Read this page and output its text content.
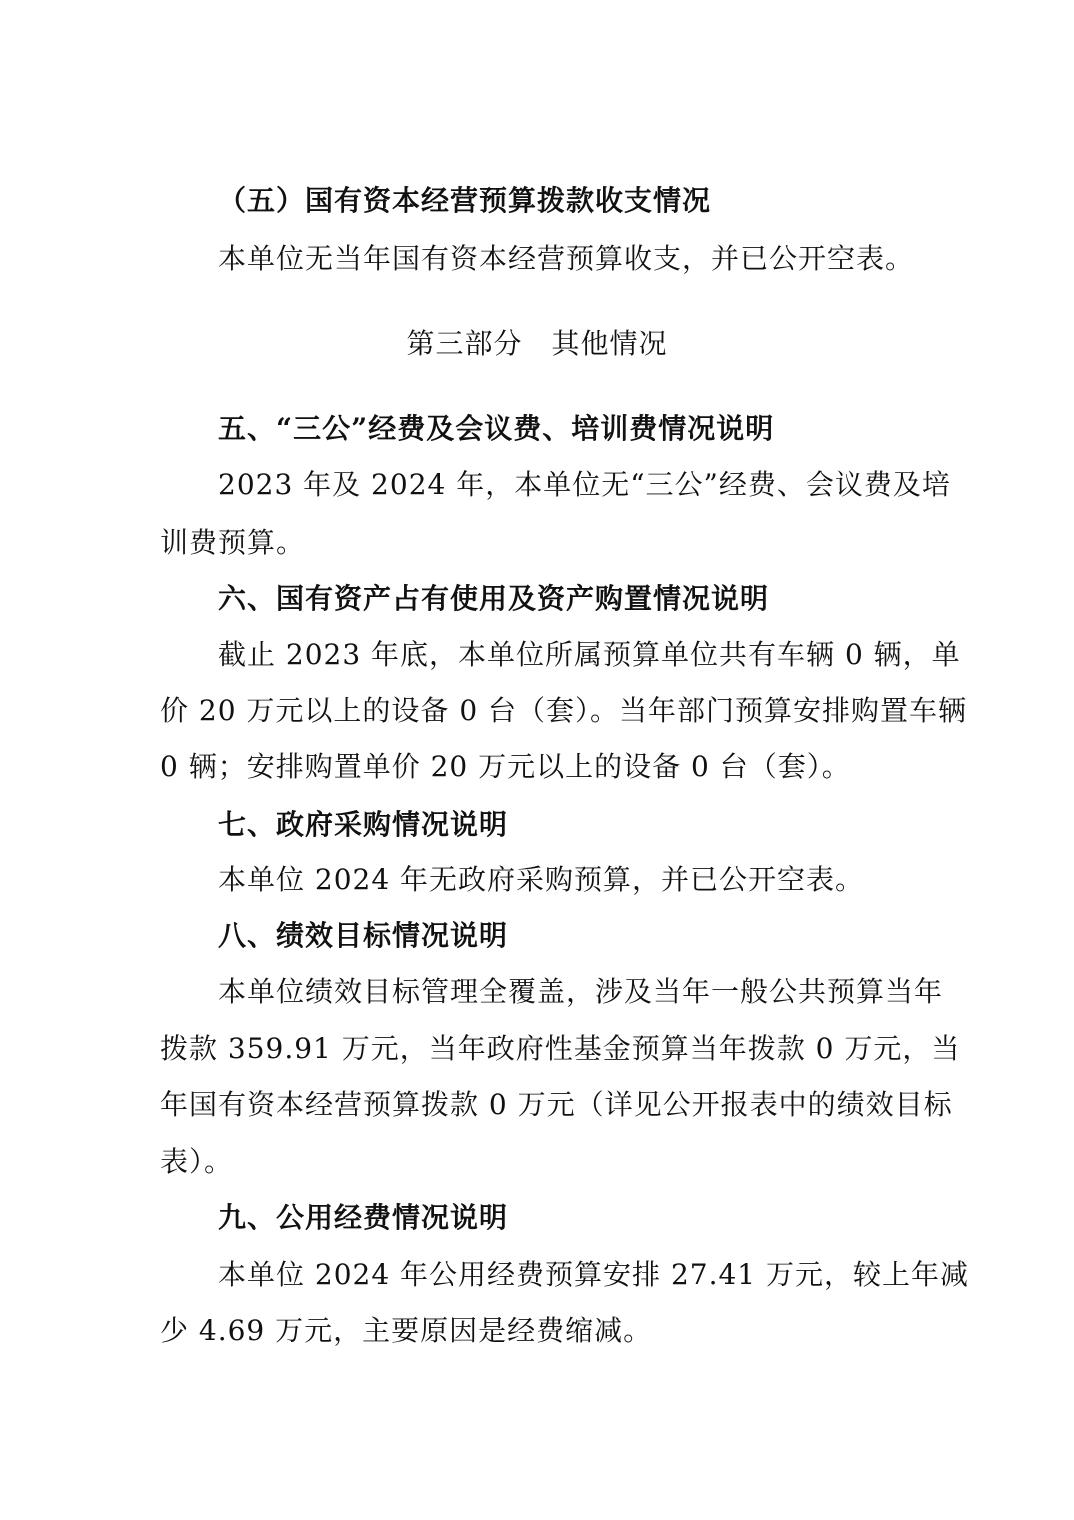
（五）国有资本经营预算拨款收支情况
本单位无当年国有资本经营预算收支，并已公开空表。
第三部分　其他情况
五、“三公”经费及会议费、培训费情况说明
2023 年及 2024 年，本单位无“三公”经费、会议费及培
训费预算。
六、国有资产占有使用及资产购置情况说明
截止 2023 年底，本单位所属预算单位共有车辆 0 辆，单
价 20 万元以上的设备 0 台（套）。当年部门预算安排购置车辆
0 辆；安排购置单价 20 万元以上的设备 0 台（套）。
七、政府采购情况说明
本单位 2024 年无政府采购预算，并已公开空表。
八、绩效目标情况说明
本单位绩效目标管理全覆盖，涉及当年一般公共预算当年
拨款 359.91 万元，当年政府性基金预算当年拨款 0 万元，当
年国有资本经营预算拨款 0 万元（详见公开报表中的绩效目标
表）。
九、公用经费情况说明
本单位 2024 年公用经费预算安排 27.41 万元，较上年减
少 4.69 万元，主要原因是经费缩减。
